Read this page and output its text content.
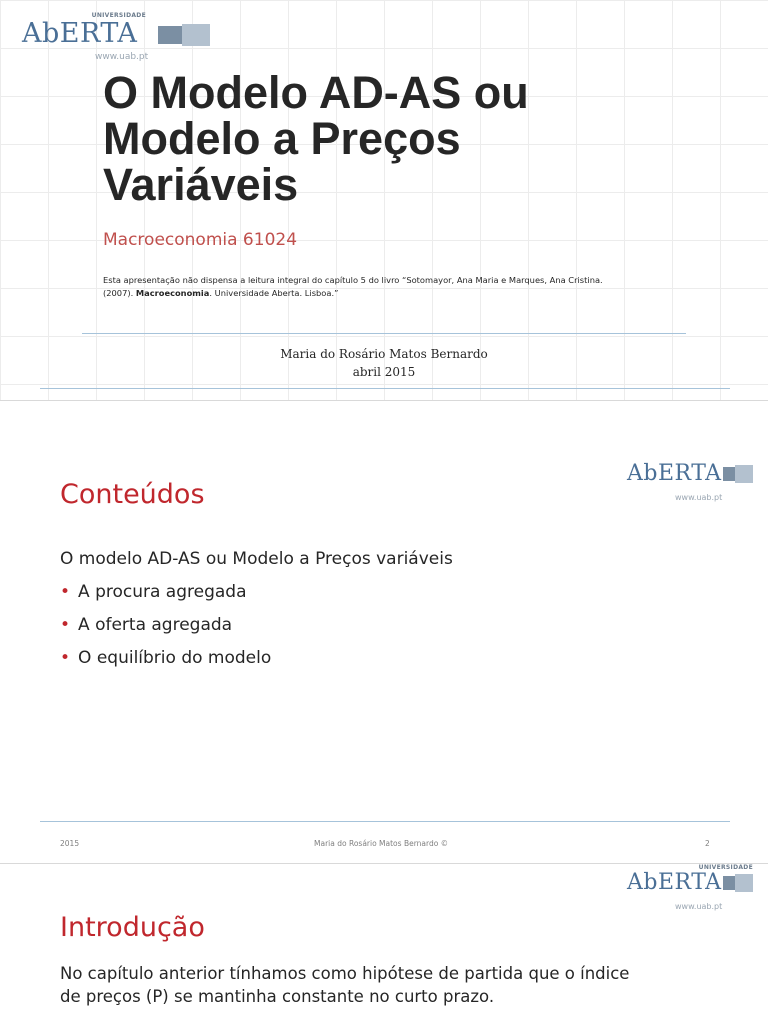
UNIVERSIDADE
AbERTA
www.uab.pt
O Modelo AD-AS ou
Modelo a Preços
Variáveis
Macroeconomia 61024
Esta apresentação não dispensa a leitura integral do capítulo 5 do livro “Sotomayor, Ana Maria e Marques, Ana Cristina.
(2007). Macroeconomia. Universidade Aberta. Lisboa.”
Maria do Rosário Matos Bernardo
abril 2015
AbERTA
www.uab.pt
Conteúdos
O modelo AD-AS ou Modelo a Preços variáveis
• A procura agregada
• A oferta agregada
• O equilíbrio do modelo
2015	Maria do Rosário Matos Bernardo ©	2
UNIVERSIDADE
AbERTA
www.uab.pt
Introdução
No capítulo anterior tínhamos como hipótese de partida que o índice
de preços (P) se mantinha constante no curto prazo.
